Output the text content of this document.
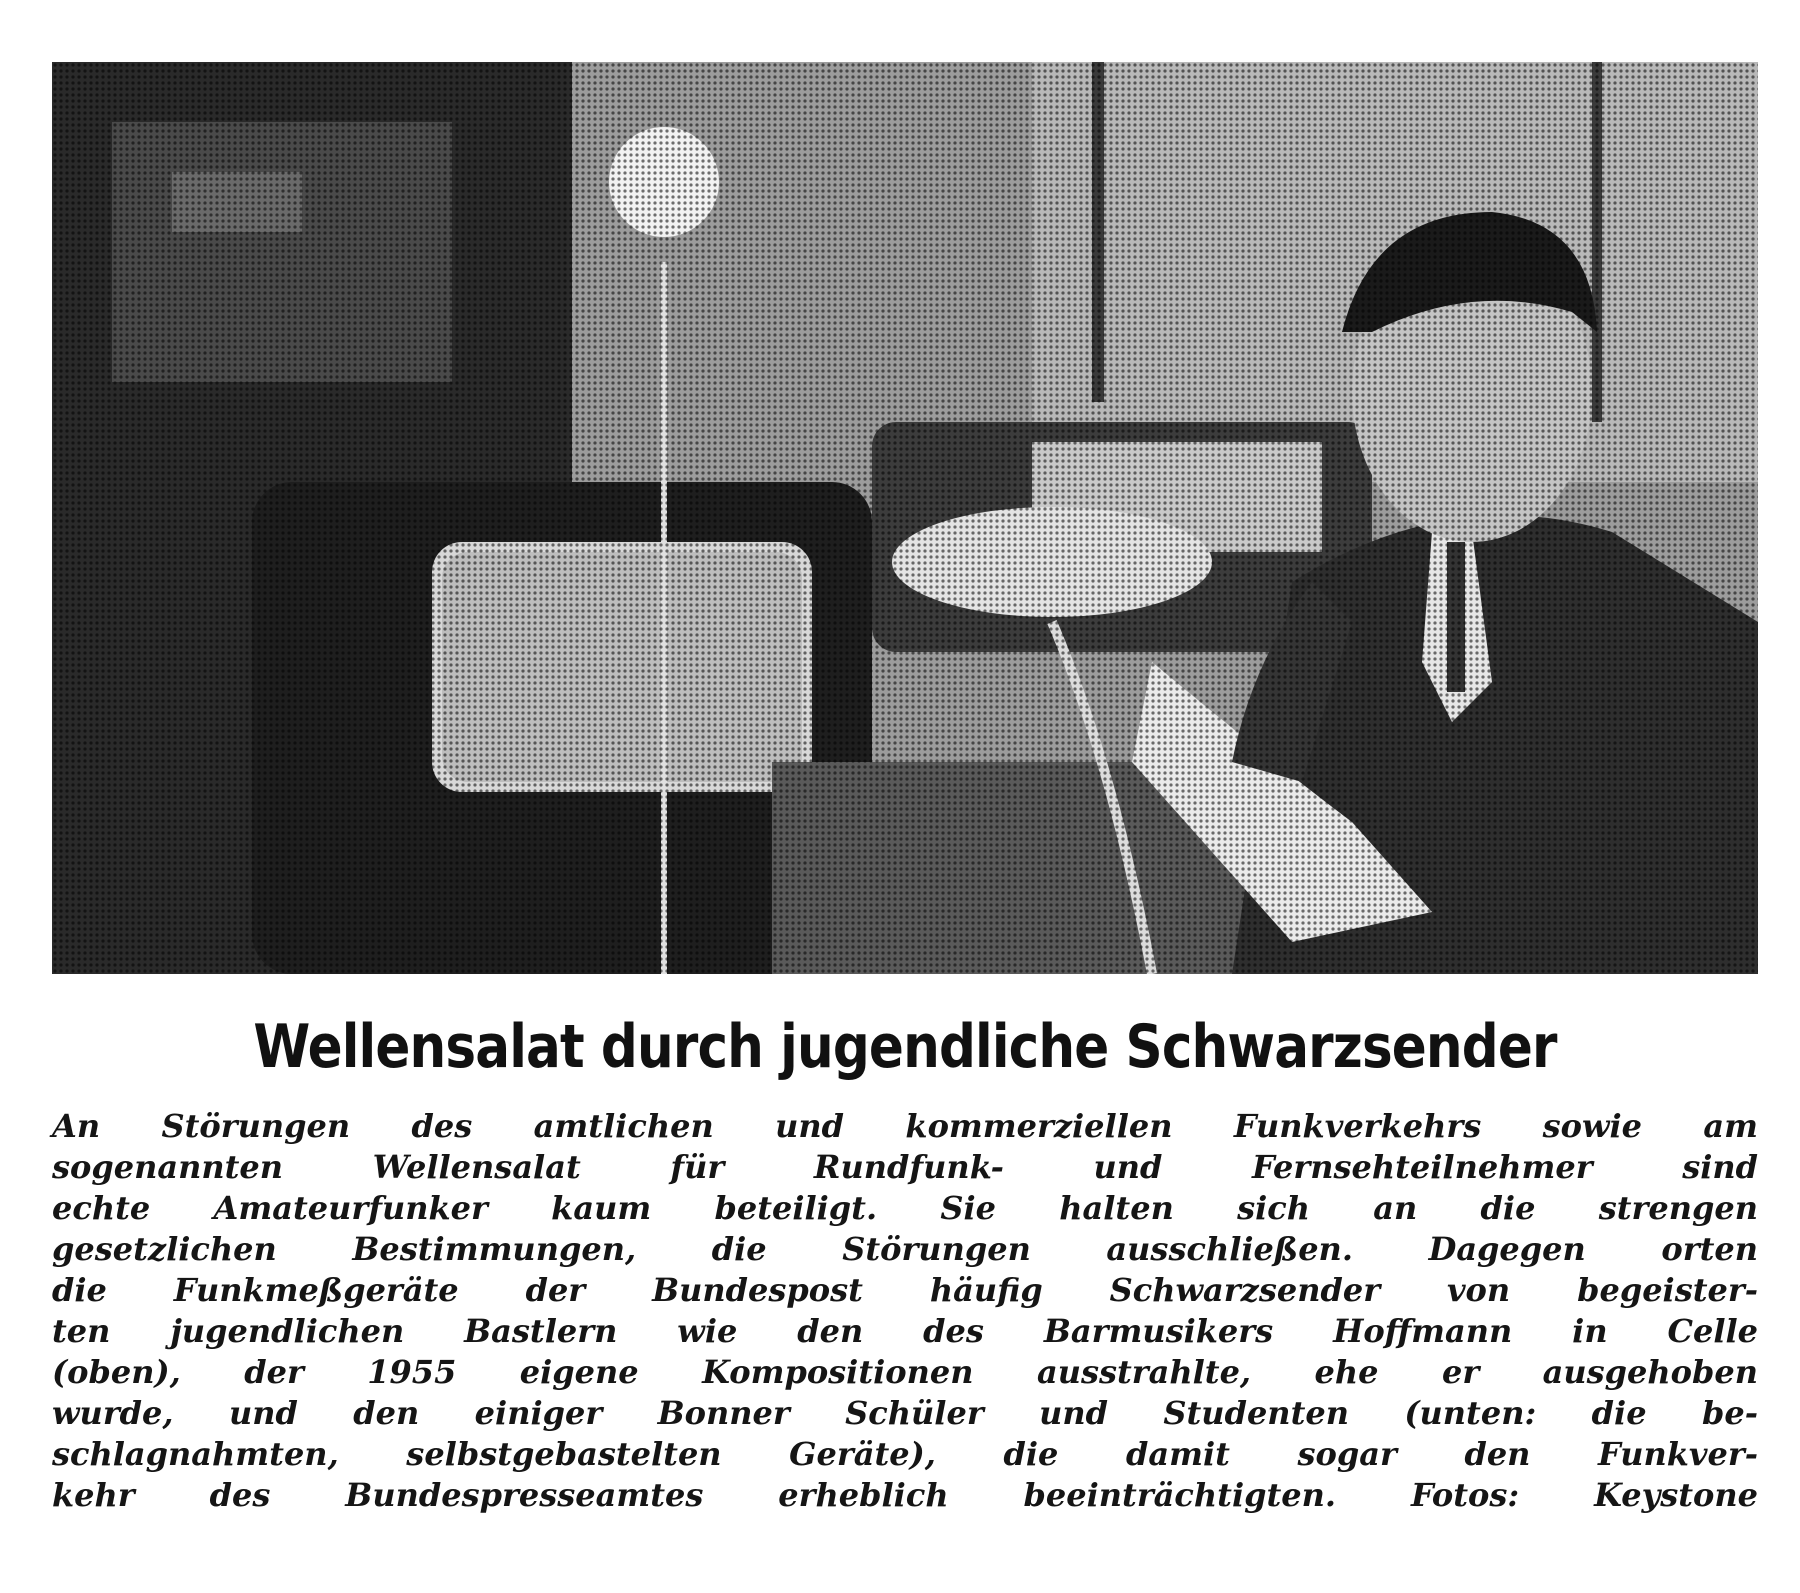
Wellensalat durch jugendliche Schwarzsender
An Störungen des amtlichen und kommerziellen Funkverkehrs sowie am
sogenannten Wellensalat für Rundfunk- und Fernsehteilnehmer sind
echte Amateurfunker kaum beteiligt. Sie halten sich an die strengen
gesetzlichen Bestimmungen, die Störungen ausschließen. Dagegen orten
die Funkmeßgeräte der Bundespost häufig Schwarzsender von begeister-
ten jugendlichen Bastlern wie den des Barmusikers Hoffmann in Celle
(oben), der 1955 eigene Kompositionen ausstrahlte, ehe er ausgehoben
wurde, und den einiger Bonner Schüler und Studenten (unten: die be-
schlagnahmten, selbstgebastelten Geräte), die damit sogar den Funkver-
kehr des Bundespresseamtes erheblich beeinträchtigten. Fotos: Keystone
